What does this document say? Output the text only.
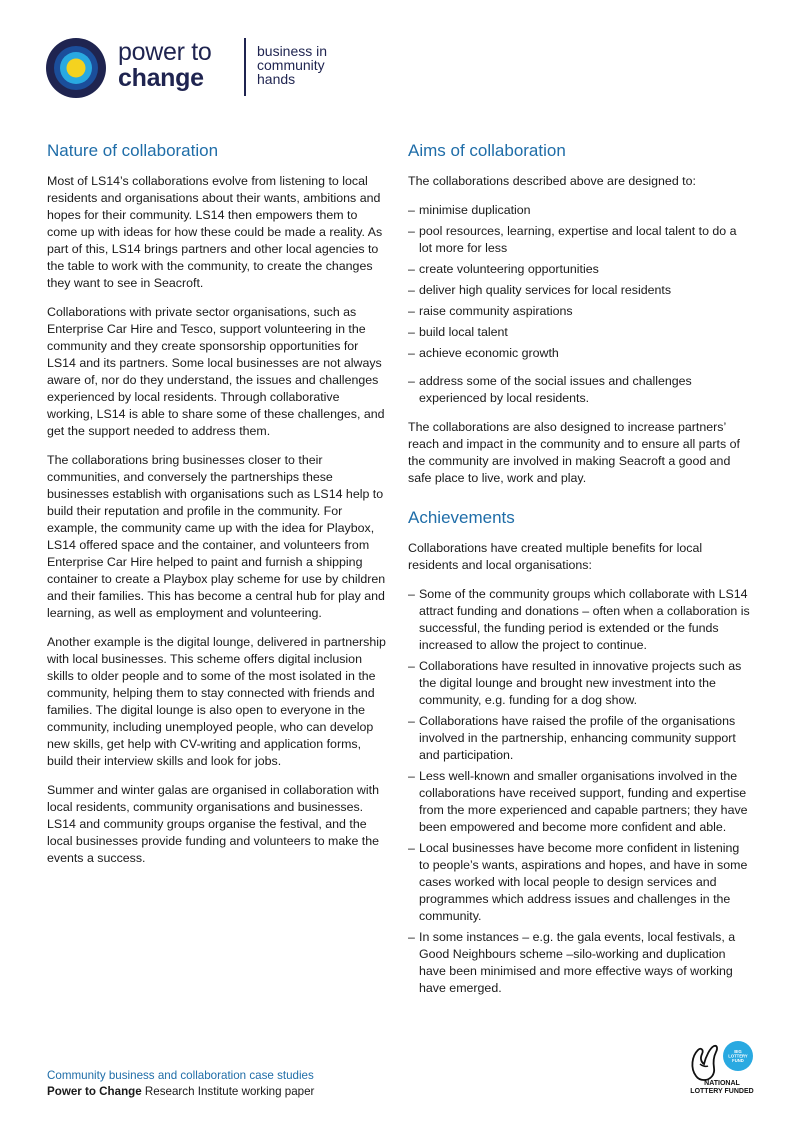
power to
change
business in
community
hands
Nature of collaboration

Most of LS14’s collaborations evolve from listening to local residents and organisations about their wants, ambitions and hopes for their community. LS14 then empowers them to come up with ideas for how these could be made a reality. As part of this, LS14 brings partners and other local agencies to the table to work with the community, to create the changes they want to see in Seacroft.

Collaborations with private sector organisations, such as Enterprise Car Hire and Tesco, support volunteering in the community and they create sponsorship opportunities for LS14 and its partners. Some local businesses are not always aware of, nor do they understand, the issues and challenges experienced by local residents. Through collaborative working, LS14 is able to share some of these challenges, and get the support needed to address them.

The collaborations bring businesses closer to their communities, and conversely the partnerships these businesses establish with organisations such as LS14 help to build their reputation and profile in the community. For example, the community came up with the idea for Playbox, LS14 offered space and the container, and volunteers from Enterprise Car Hire helped to paint and furnish a shipping container to create a Playbox play scheme for use by children and their families. This has become a central hub for play and learning, as well as employment and volunteering.

Another example is the digital lounge, delivered in partnership with local businesses. This scheme offers digital inclusion skills to older people and to some of the most isolated in the community, helping them to stay connected with friends and families. The digital lounge is also open to everyone in the community, including unemployed people, who can develop new skills, get help with CV-writing and application forms, build their interview skills and look for jobs.

Summer and winter galas are organised in collaboration with local residents, community organisations and businesses. LS14 and community groups organise the festival, and the local businesses provide funding and volunteers to make the events a success.

Aims of collaboration

The collaborations described above are designed to:

– minimise duplication
– pool resources, learning, expertise and local talent to do a lot more for less
– create volunteering opportunities
– deliver high quality services for local residents
– raise community aspirations
– build local talent
– achieve economic growth
– address some of the social issues and challenges experienced by local residents.

The collaborations are also designed to increase partners’ reach and impact in the community and to ensure all parts of the community are involved in making Seacroft a good and safe place to live, work and play.

Achievements

Collaborations have created multiple benefits for local residents and local organisations:

– Some of the community groups which collaborate with LS14 attract funding and donations – often when a collaboration is successful, the funding period is extended or the funds increased to allow the project to continue.
– Collaborations have resulted in innovative projects such as the digital lounge and brought new investment into the community, e.g. funding for a dog show.
– Collaborations have raised the profile of the organisations involved in the partnership, enhancing community support and participation.
– Less well-known and smaller organisations involved in the collaborations have received support, funding and expertise from the more experienced and capable partners; they have been empowered and become more confident and able.
– Local businesses have become more confident in listening to people’s wants, aspirations and hopes, and have in some cases worked with local people to design services and programmes which address issues and challenges in the community.
– In some instances – e.g. the gala events, local festivals, a Good Neighbours scheme –silo-working and duplication have been minimised and more effective ways of working have emerged.
Community business and collaboration case studies
Power to Change Research Institute working paper
BIG LOTTERY FUND
NATIONAL
LOTTERY FUNDED
